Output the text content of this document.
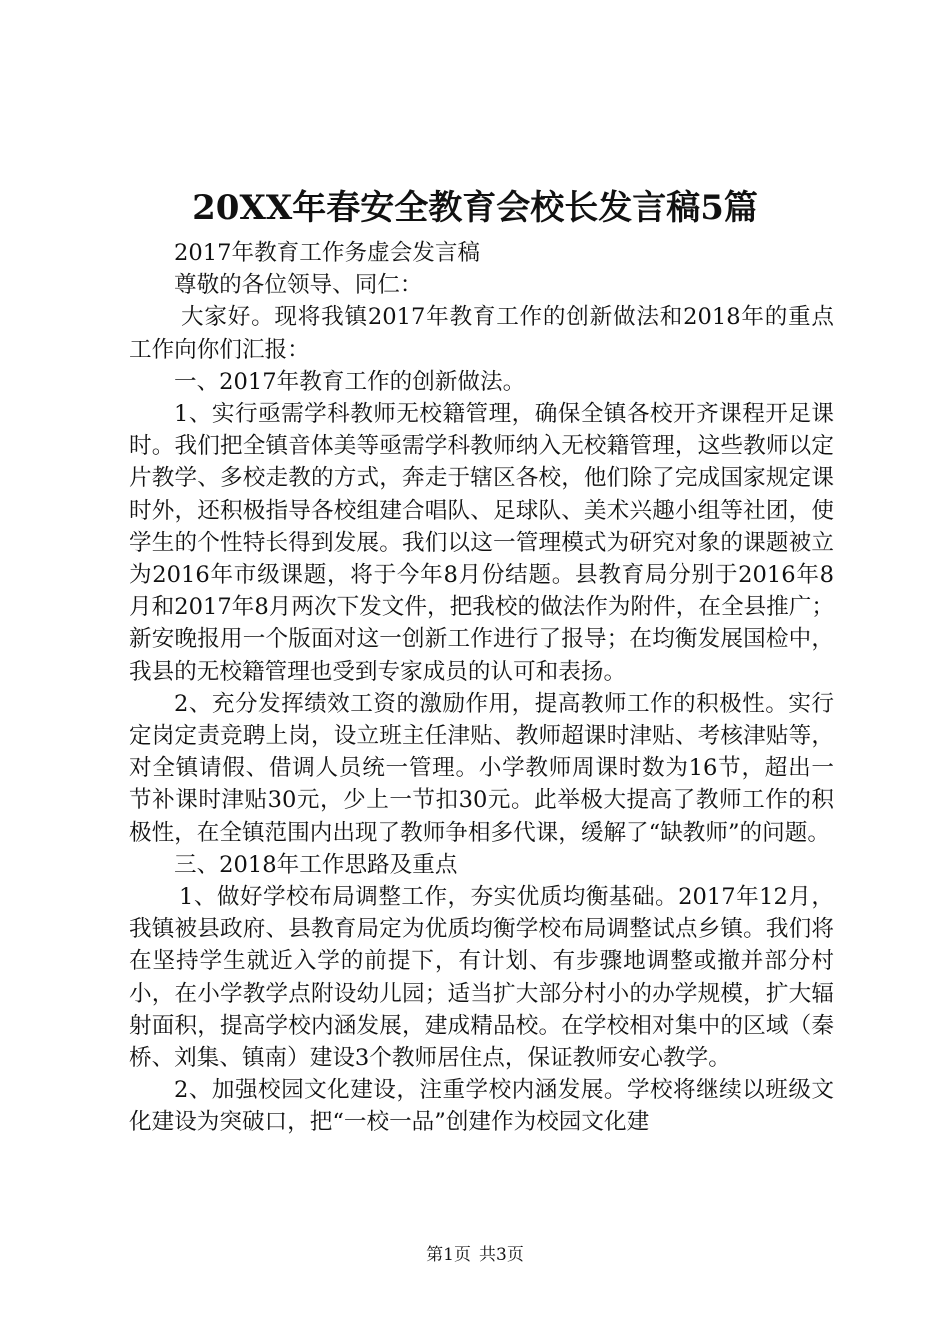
20XX年春安全教育会校长发言稿5篇

2017年教育工作务虚会发言稿

尊敬的各位领导、同仁：

大家好。现将我镇2017年教育工作的创新做法和2018年的重点工作向你们汇报：

一、2017年教育工作的创新做法。

1、实行亟需学科教师无校籍管理，确保全镇各校开齐课程开足课时。我们把全镇音体美等亟需学科教师纳入无校籍管理，这些教师以定片教学、多校走教的方式，奔走于辖区各校，他们除了完成国家规定课时外，还积极指导各校组建合唱队、足球队、美术兴趣小组等社团，使学生的个性特长得到发展。我们以这一管理模式为研究对象的课题被立为2016年市级课题，将于今年8月份结题。县教育局分别于2016年8月和2017年8月两次下发文件，把我校的做法作为附件，在全县推广；新安晚报用一个版面对这一创新工作进行了报导；在均衡发展国检中，我县的无校籍管理也受到专家成员的认可和表扬。

2、充分发挥绩效工资的激励作用，提高教师工作的积极性。实行定岗定责竞聘上岗，设立班主任津贴、教师超课时津贴、考核津贴等，对全镇请假、借调人员统一管理。小学教师周课时数为16节，超出一节补课时津贴30元，少上一节扣30元。此举极大提高了教师工作的积极性，在全镇范围内出现了教师争相多代课，缓解了“缺教师”的问题。

三、2018年工作思路及重点

1、做好学校布局调整工作，夯实优质均衡基础。2017年12月，我镇被县政府、县教育局定为优质均衡学校布局调整试点乡镇。我们将在坚持学生就近入学的前提下，有计划、有步骤地调整或撤并部分村小，在小学教学点附设幼儿园；适当扩大部分村小的办学规模，扩大辐射面积，提高学校内涵发展，建成精品校。在学校相对集中的区域（秦桥、刘集、镇南）建设3个教师居住点，保证教师安心教学。

2、加强校园文化建设，注重学校内涵发展。学校将继续以班级文化建设为突破口，把“一校一品”创建作为校园文化建

第1页 共3页
